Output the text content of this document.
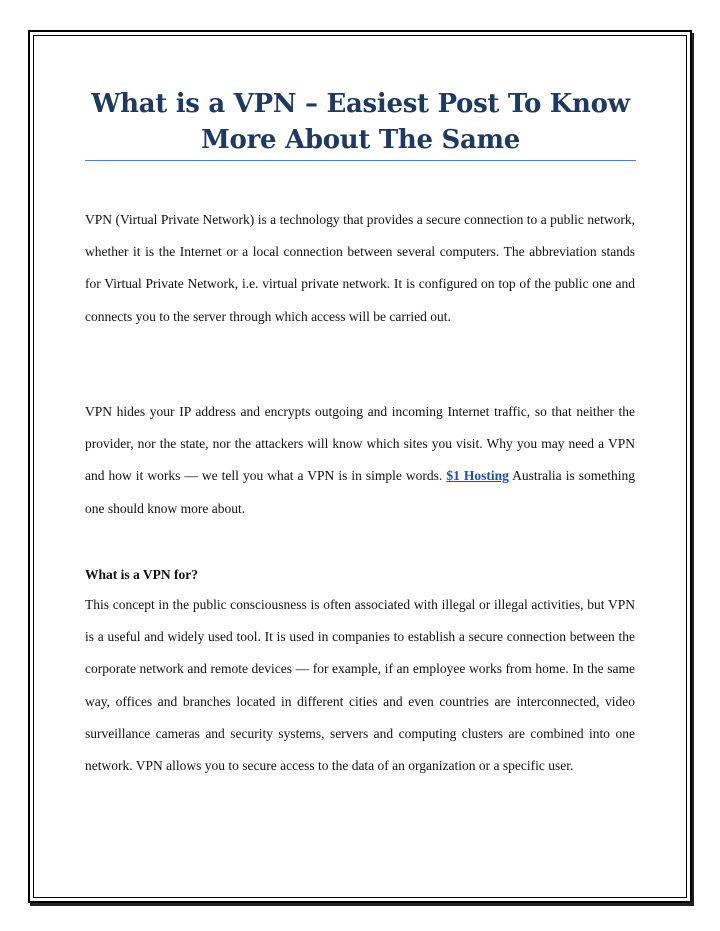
What is a VPN – Easiest Post To Know More About The Same

VPN (Virtual Private Network) is a technology that provides a secure connection to a public network, whether it is the Internet or a local connection between several computers. The abbreviation stands for Virtual Private Network, i.e. virtual private network. It is configured on top of the public one and connects you to the server through which access will be carried out.

VPN hides your IP address and encrypts outgoing and incoming Internet traffic, so that neither the provider, nor the state, nor the attackers will know which sites you visit. Why you may need a VPN and how it works — we tell you what a VPN is in simple words. $1 Hosting Australia is something one should know more about.

What is a VPN for?

This concept in the public consciousness is often associated with illegal or illegal activities, but VPN is a useful and widely used tool. It is used in companies to establish a secure connection between the corporate network and remote devices — for example, if an employee works from home. In the same way, offices and branches located in different cities and even countries are interconnected, video surveillance cameras and security systems, servers and computing clusters are combined into one network. VPN allows you to secure access to the data of an organization or a specific user.
